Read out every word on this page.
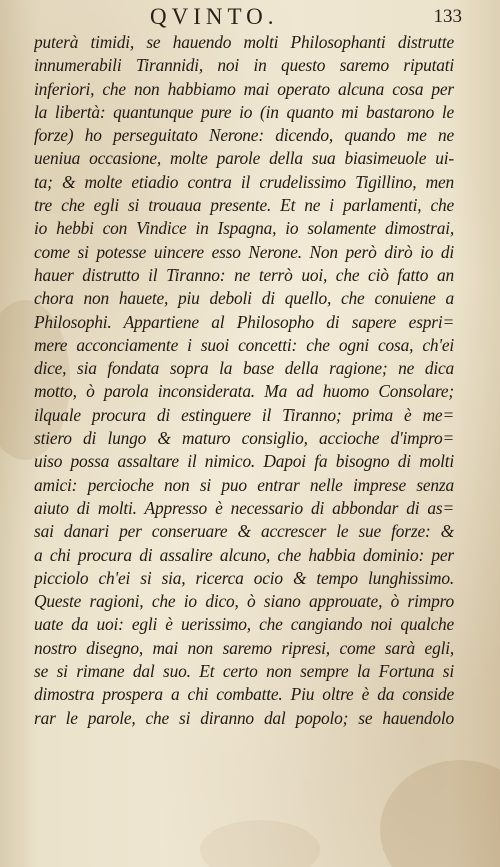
QVINTO.	133
puterà timidi, se hauendo molti Philosophanti distrutte
innumerabili Tirannidi, noi in questo saremo riputati
inferiori, che non habbiamo mai operato alcuna cosa per
la libertà: quantunque pure io (in quanto mi bastarono le
forze) ho perseguitato Nerone: dicendo, quando me ne
ueniua occasione, molte parole della sua biasimeuole ui-
ta; & molte etiadio contra il crudelissimo Tigillino, men
tre che egli si trouaua presente. Et ne i parlamenti, che
io hebbi con Vindice in Ispagna, io solamente dimostrai,
come si potesse uincere esso Nerone. Non però dirò io di
hauer distrutto il Tiranno: ne terrò uoi, che ciò fatto an
chora non hauete, piu deboli di quello, che conuiene a
Philosophi. Appartiene al Philosopho di sapere espri=
mere acconciamente i suoi concetti: che ogni cosa, ch'ei
dice, sia fondata sopra la base della ragione; ne dica
motto, ò parola inconsiderata. Ma ad huomo Consolare;
ilquale procura di estinguere il Tiranno; prima è me=
stiero di lungo & maturo consiglio, accioche d'impro=
uiso possa assaltare il nimico. Dapoi fa bisogno di molti
amici: percioche non si puo entrar nelle imprese senza
aiuto di molti. Appresso è necessario di abbondar di as=
sai danari per conseruare & accrescer le sue forze: &
a chi procura di assalire alcuno, che habbia dominio: per
picciolo ch'ei si sia, ricerca ocio & tempo lunghissimo.
Queste ragioni, che io dico, ò siano approuate, ò rimpro
uate da uoi: egli è uerissimo, che cangiando noi qualche
nostro disegno, mai non saremo ripresi, come sarà egli,
se si rimane dal suo. Et certo non sempre la Fortuna si
dimostra prospera a chi combatte. Piu oltre è da conside
rar le parole, che si diranno dal popolo; se hauendolo
